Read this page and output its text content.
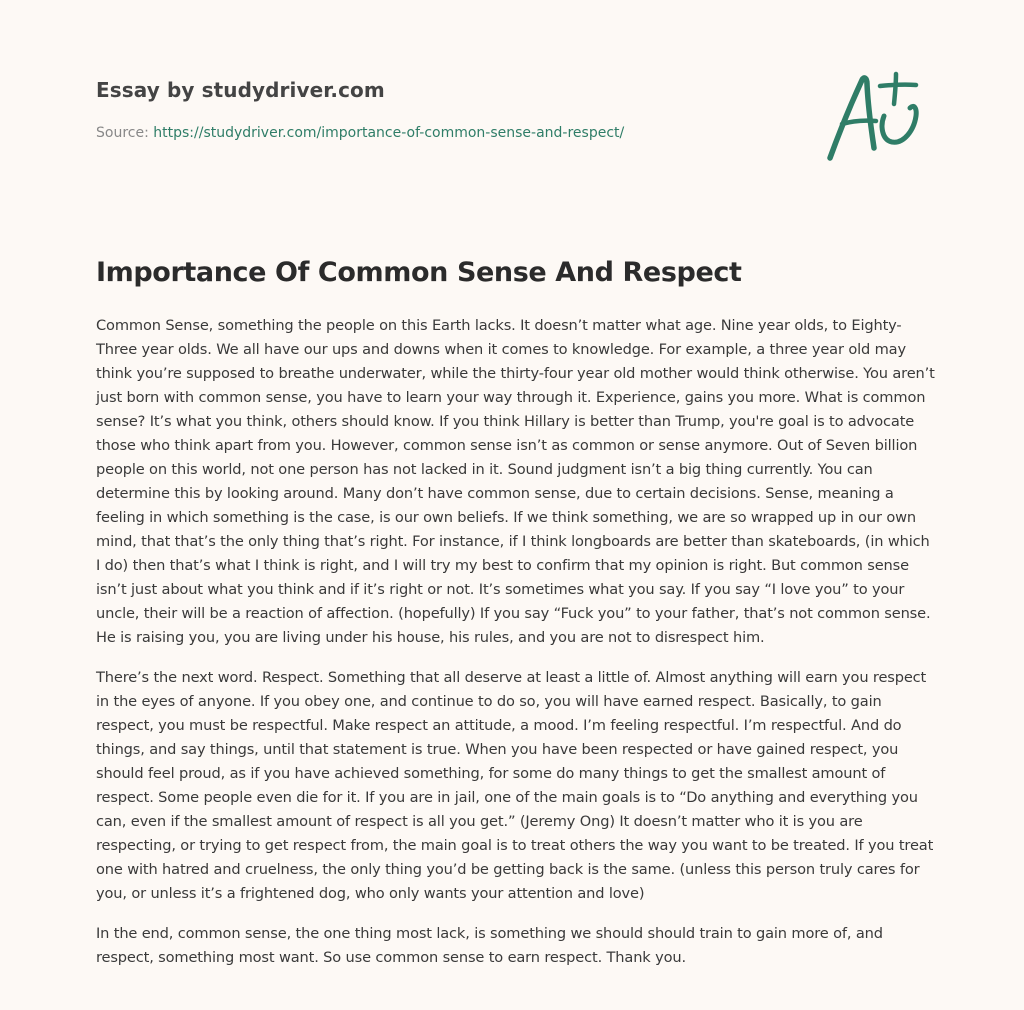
Essay by studydriver.com
Source: https://studydriver.com/importance-of-common-sense-and-respect/
Importance Of Common Sense And Respect

Common Sense, something the people on this Earth lacks. It doesn’t matter what age. Nine year olds, to Eighty-Three year olds. We all have our ups and downs when it comes to knowledge. For example, a three year old may think you’re supposed to breathe underwater, while the thirty-four year old mother would think otherwise. You aren’t just born with common sense, you have to learn your way through it. Experience, gains you more. What is common sense? It’s what you think, others should know. If you think Hillary is better than Trump, you're goal is to advocate those who think apart from you. However, common sense isn’t as common or sense anymore. Out of Seven billion people on this world, not one person has not lacked in it. Sound judgment isn’t a big thing currently. You can determine this by looking around. Many don’t have common sense, due to certain decisions. Sense, meaning a feeling in which something is the case, is our own beliefs. If we think something, we are so wrapped up in our own mind, that that’s the only thing that’s right. For instance, if I think longboards are better than skateboards, (in which I do) then that’s what I think is right, and I will try my best to confirm that my opinion is right. But common sense isn’t just about what you think and if it’s right or not. It’s sometimes what you say. If you say “I love you” to your uncle, their will be a reaction of affection. (hopefully) If you say “Fuck you” to your father, that’s not common sense. He is raising you, you are living under his house, his rules, and you are not to disrespect him.

There’s the next word. Respect. Something that all deserve at least a little of. Almost anything will earn you respect in the eyes of anyone. If you obey one, and continue to do so, you will have earned respect. Basically, to gain respect, you must be respectful. Make respect an attitude, a mood. I’m feeling respectful. I’m respectful. And do things, and say things, until that statement is true. When you have been respected or have gained respect, you should feel proud, as if you have achieved something, for some do many things to get the smallest amount of respect. Some people even die for it. If you are in jail, one of the main goals is to “Do anything and everything you can, even if the smallest amount of respect is all you get.” (Jeremy Ong) It doesn’t matter who it is you are respecting, or trying to get respect from, the main goal is to treat others the way you want to be treated. If you treat one with hatred and cruelness, the only thing you’d be getting back is the same. (unless this person truly cares for you, or unless it’s a frightened dog, who only wants your attention and love)

In the end, common sense, the one thing most lack, is something we should should train to gain more of, and respect, something most want. So use common sense to earn respect. Thank you.
